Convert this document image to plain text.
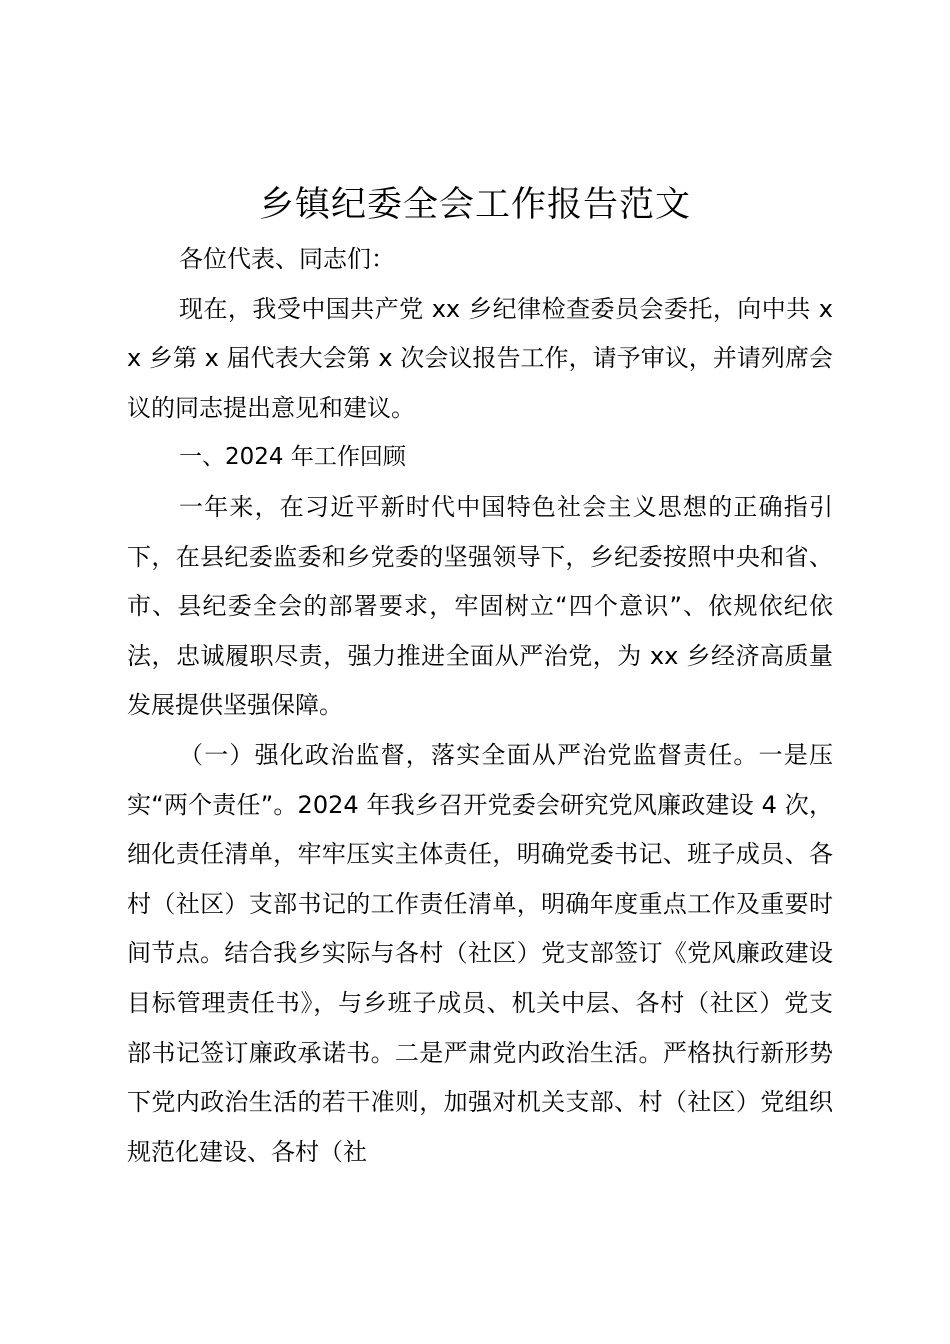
乡镇纪委全会工作报告范文

各位代表、同志们：

现在，我受中国共产党 xx 乡纪律检查委员会委托，向中共 xx 乡第 x 届代表大会第 x 次会议报告工作，请予审议，并请列席会议的同志提出意见和建议。

一、2024 年工作回顾

一年来，在习近平新时代中国特色社会主义思想的正确指引下，在县纪委监委和乡党委的坚强领导下，乡纪委按照中央和省、市、县纪委全会的部署要求，牢固树立“四个意识”、依规依纪依法，忠诚履职尽责，强力推进全面从严治党，为 xx 乡经济高质量发展提供坚强保障。

（一）强化政治监督，落实全面从严治党监督责任。一是压实“两个责任”。2024 年我乡召开党委会研究党风廉政建设 4 次，细化责任清单，牢牢压实主体责任，明确党委书记、班子成员、各村（社区）支部书记的工作责任清单，明确年度重点工作及重要时间节点。结合我乡实际与各村（社区）党支部签订《党风廉政建设目标管理责任书》，与乡班子成员、机关中层、各村（社区）党支部书记签订廉政承诺书。二是严肃党内政治生活。严格执行新形势下党内政治生活的若干准则，加强对机关支部、村（社区）党组织规范化建设、各村（社
